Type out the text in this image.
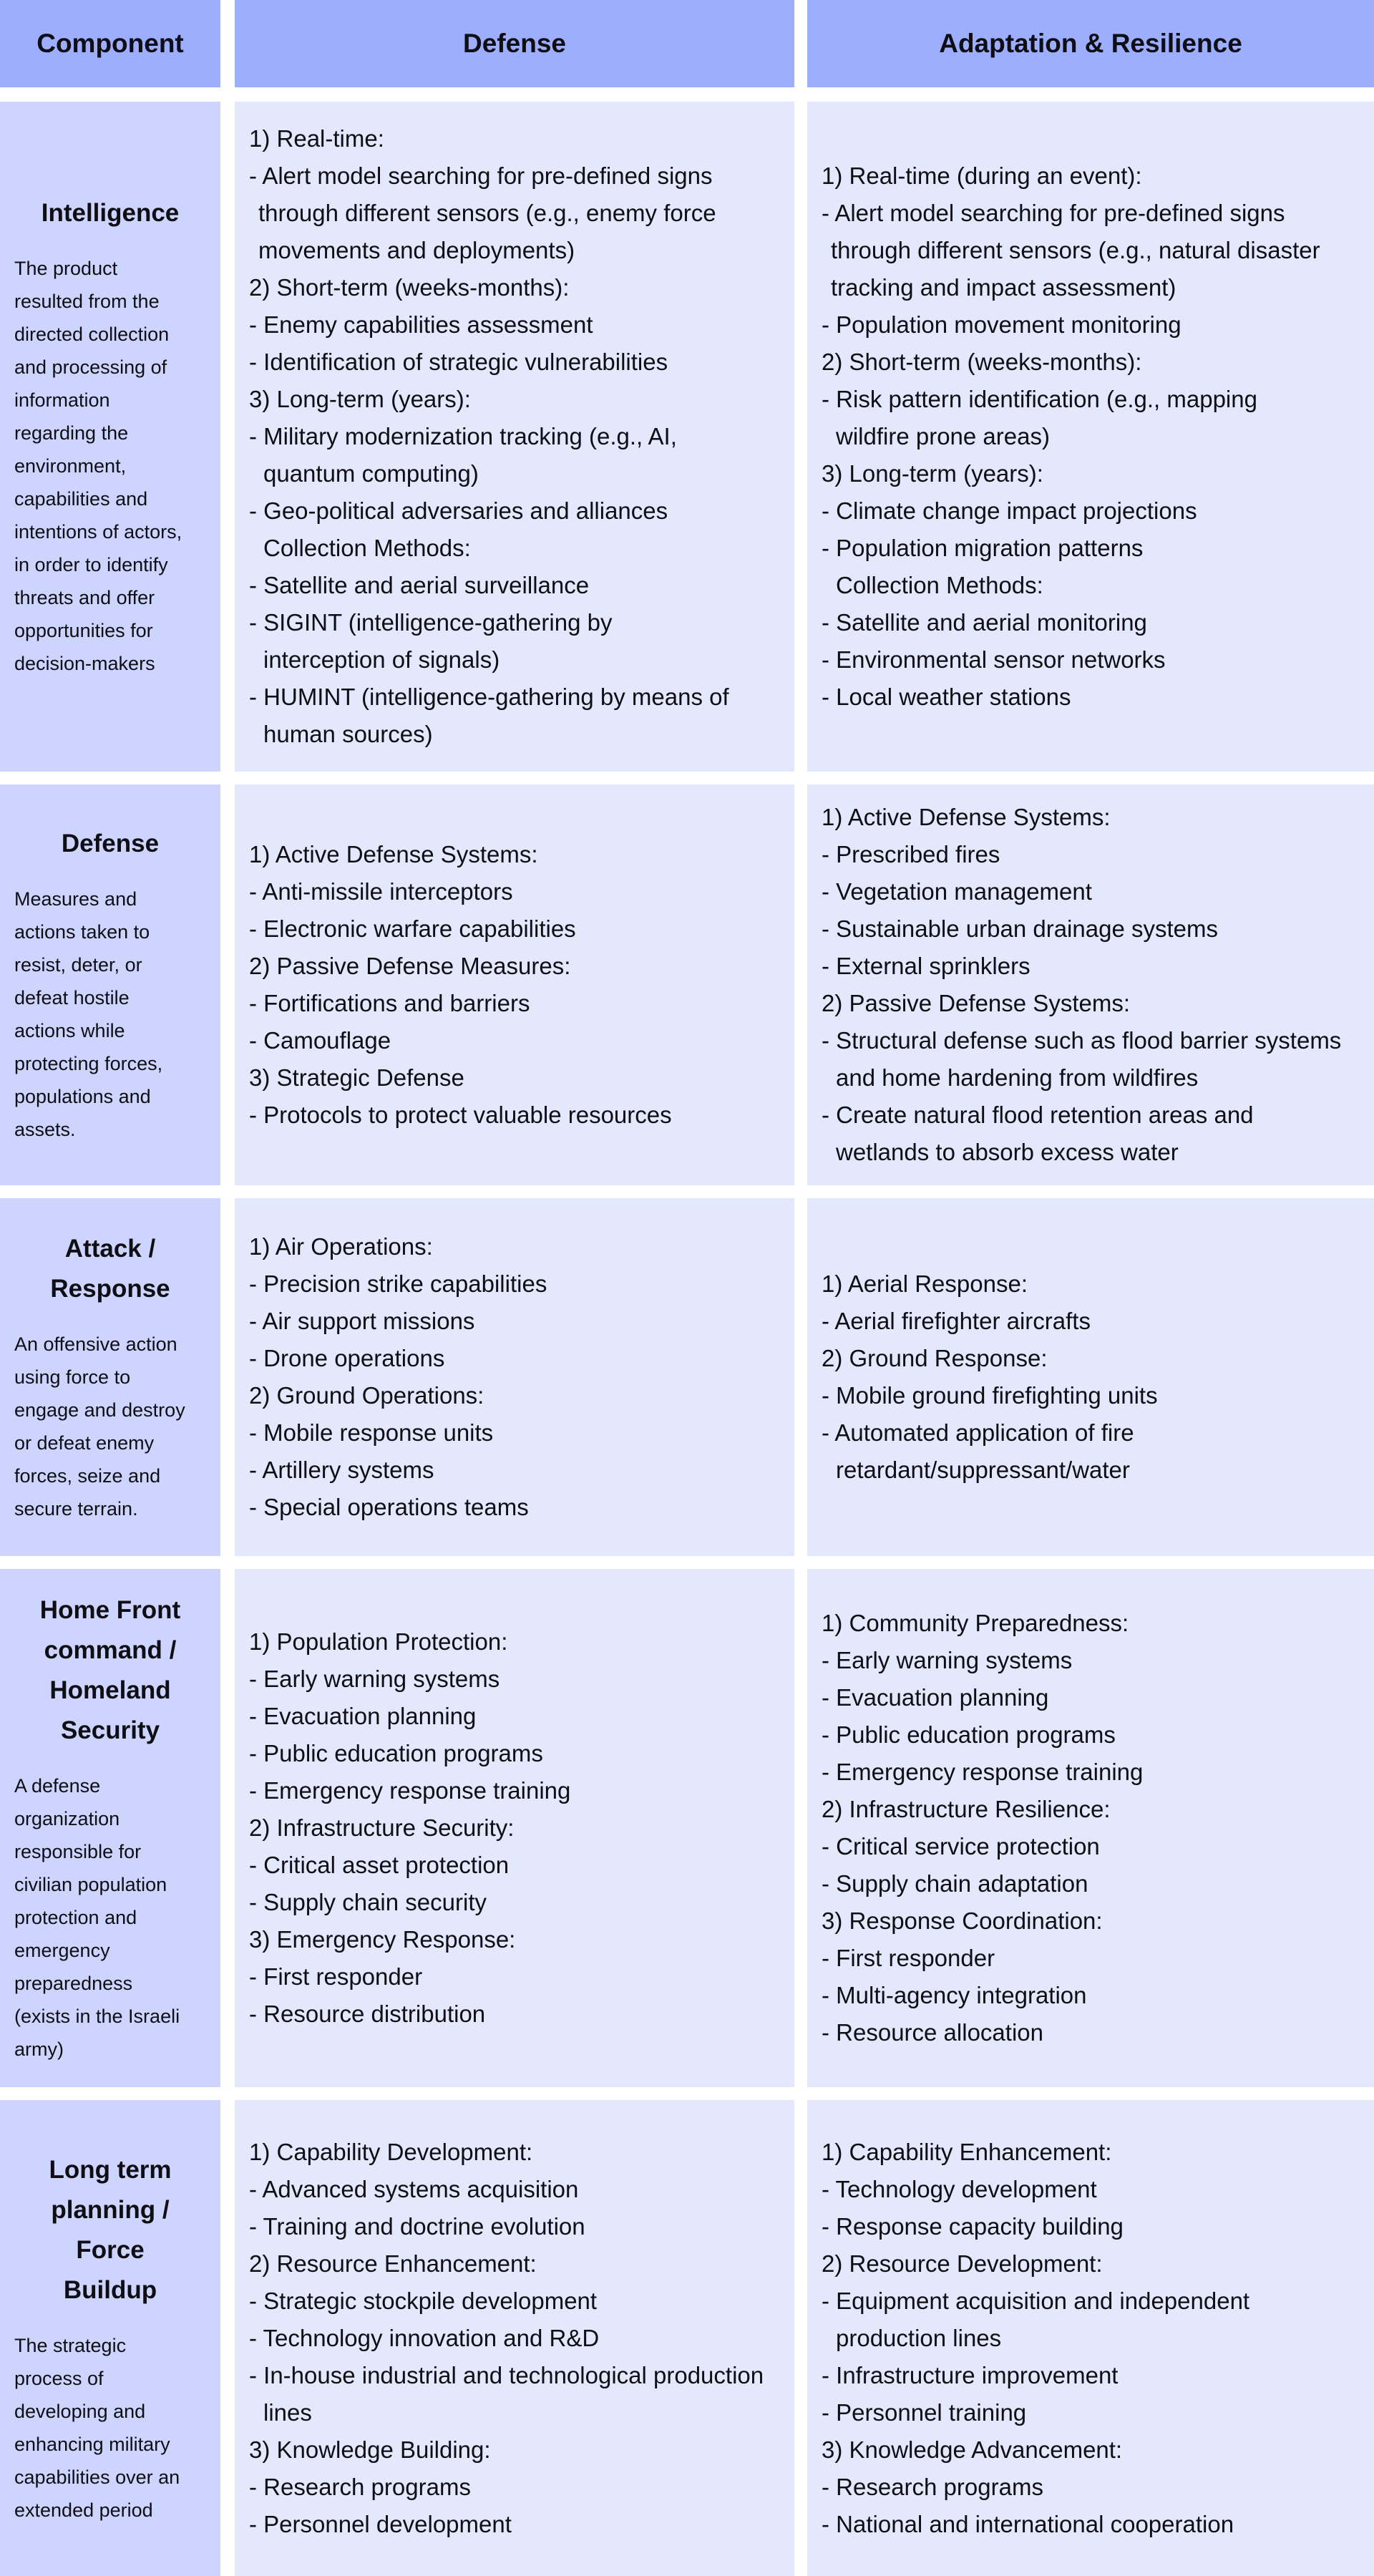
Component	Defense	Adaptation & Resilience
Intelligence
The product
resulted from the
directed collection
and processing of
information
regarding the
environment,
capabilities and
intentions of actors,
in order to identify
threats and offer
opportunities for
decision-makers
1) Real-time:
- Alert model searching for pre-defined signs
through different sensors (e.g., enemy force
movements and deployments)
2) Short-term (weeks-months):
- Enemy capabilities assessment
- Identification of strategic vulnerabilities
3) Long-term (years):
- Military modernization tracking (e.g., AI,
quantum computing)
- Geo-political adversaries and alliances
Collection Methods:
- Satellite and aerial surveillance
- SIGINT (intelligence-gathering by
interception of signals)
- HUMINT (intelligence-gathering by means of
human sources)
1) Real-time (during an event):
- Alert model searching for pre-defined signs
through different sensors (e.g., natural disaster
tracking and impact assessment)
- Population movement monitoring
2) Short-term (weeks-months):
- Risk pattern identification (e.g., mapping
wildfire prone areas)
3) Long-term (years):
- Climate change impact projections
- Population migration patterns
Collection Methods:
- Satellite and aerial monitoring
- Environmental sensor networks
- Local weather stations
Defense
Measures and
actions taken to
resist, deter, or
defeat hostile
actions while
protecting forces,
populations and
assets.
1) Active Defense Systems:
- Anti-missile interceptors
- Electronic warfare capabilities
2) Passive Defense Measures:
- Fortifications and barriers
- Camouflage
3) Strategic Defense
- Protocols to protect valuable resources
1) Active Defense Systems:
- Prescribed fires
- Vegetation management
- Sustainable urban drainage systems
- External sprinklers
2) Passive Defense Systems:
- Structural defense such as flood barrier systems
and home hardening from wildfires
- Create natural flood retention areas and
wetlands to absorb excess water
Attack /
Response
An offensive action
using force to
engage and destroy
or defeat enemy
forces, seize and
secure terrain.
1) Air Operations:
- Precision strike capabilities
- Air support missions
- Drone operations
2) Ground Operations:
- Mobile response units
- Artillery systems
- Special operations teams
1) Aerial Response:
- Aerial firefighter aircrafts
2) Ground Response:
- Mobile ground firefighting units
- Automated application of fire
retardant/suppressant/water
Home Front
command /
Homeland
Security
A defense
organization
responsible for
civilian population
protection and
emergency
preparedness
(exists in the Israeli
army)
1) Population Protection:
- Early warning systems
- Evacuation planning
- Public education programs
- Emergency response training
2) Infrastructure Security:
- Critical asset protection
- Supply chain security
3) Emergency Response:
- First responder
- Resource distribution
1) Community Preparedness:
- Early warning systems
- Evacuation planning
- Public education programs
- Emergency response training
2) Infrastructure Resilience:
- Critical service protection
- Supply chain adaptation
3) Response Coordination:
- First responder
- Multi-agency integration
- Resource allocation
Long term
planning / Force
Buildup
The strategic
process of
developing and
enhancing military
capabilities over an
extended period
1) Capability Development:
- Advanced systems acquisition
- Training and doctrine evolution
2) Resource Enhancement:
- Strategic stockpile development
- Technology innovation and R&D
- In-house industrial and technological production
lines
3) Knowledge Building:
- Research programs
- Personnel development
1) Capability Enhancement:
- Technology development
- Response capacity building
2) Resource Development:
- Equipment acquisition and independent
production lines
- Infrastructure improvement
- Personnel training
3) Knowledge Advancement:
- Research programs
- National and international cooperation
